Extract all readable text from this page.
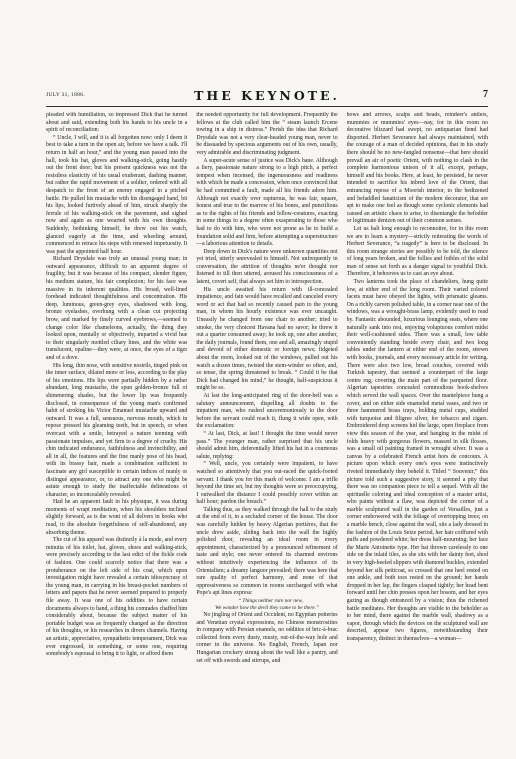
JULY 31, 1886.	THE KEYNOTE.	7

pleaded with humiliation, so impressed Dick that he turned about and said, extending both his hands to his uncle in a spirit of reconciliation:

“ Uncle, I will, and it is all forgotten now: only I deem it best to take a turn in the open air, before we have a talk. I'll return in half an hour,” and the young man passed into the hall, took his hat, gloves and walking-stick, going hastily out the front door; but his present quickness was not the resistless elasticity of his usual exuberant, dashing manner, but rather the rapid movement of a soldier, ordered with all despatch to the front of an enemy engaged in a pitched battle. He pulled his mustache with his disengaged hand, bit his lips, looked furtively ahead of him, struck sharply the ferrule of his walking-stick on the pavement, and sighed now and again as one wearied with his own thoughts. Suddenly, bethinking himself, he drew out his watch, glanced eagerly at the time, and wheeling around, commenced to retrace his steps with renewed impetuosity. It was past the appointed half hour.

Richard Drysdale was truly an unusual young man; in outward appearance, difficult to an apparent degree of fragility, but it was because of his compact, slender figure, his medium stature, his fair complexion; for his face was massive in its inherent qualities. His broad, well-lined forehead indicated thoughtfulness and concentration. His deep, luminous, green-grey eyes, shadowed with long, bronze eyelashes, overhung with a clean cut projecting brow, and marked by finely curved eyebrows,—seemed to change color like chameleons, actually, the thing they looked upon, mentally or objectively, imparted a vivid hue to their singularly mottled ciliary lines, and the white was translucent, opaline—they were, at once, the eyes of a tiger and of a dove.

His long, thin nose, with sensitive nostrils, tinged pink on the inner surface, dilated more or less, according to the play of his emotions. His lips were partially hidden by a rather abundant, long mustache, the spun golden-bronze full of shimmering shades, but the lower lip was frequently disclosed, in consequence of the young man's confirmed habit of stroking his Victor Emanuel mustache upward and outward. It was a full, sensuous, nervous mouth, which in repose pressed his gleaming teeth, but in speech, or when overcast with a smile, betrayed a nature teeming with passionate impulses, and yet firm to a degree of cruelty. His chin indicated endurance, faithfulness and invincibility, and all in all, the features and the fine manly pose of his head, with its brassy hair, made a combination sufficient to fascinate any girl susceptible to certain indices of manly or distingué appearance, or, to attract any one who might be astute enough to study the inaffectable delineations of character, so inconcealably revealed.

Had he an apparent fault in his physique, it was during moments of wrapt meditation, when his shoulders inclined slightly forward, as is the wont of all delvers in books who read, to the absolute forgetfulness of self-abandoned, any absorbing theme.

The cut of his apparel was distinctly à la mode, and every minutia of his toilet, hat, gloves, shoes and walking-stick, were precisely according to the last edict of the fickle code of fashion. One could scarcely notice that there was a protuberance on the left side of his coat, which upon investigation might have revealed a certain idiosyncrasy of the young man, in carrying in his breast-pocket numbers of letters and papers that he never seemed prepared to properly file away. It was one of his oddities to have certain documents always to hand, a thing his comrades chaffed him considerably about, because the subject matter of his portable budget was as frequently changed as the direction of his thoughts, or his researches in divers channels. Having an artistic, appreciative, sympathetic temperament, Dick was ever engrossed, in something, or some one, requiring somebody's espousal to bring it to light, or afford them

the needed opportunity for full development. Frequently the fellows at the club called him the “ steam launch Ercene towing in a ship in distress.” Perish the idea that Richard Drysdale was not a very clear-headed young man, never to be dissuaded by specious arguments out of his own, usually, very admirable and discriminating judgment.

A super-acute sense of justice was Dick's bane. Although a fiery, passionate nature strong to a high pitch, a perfect tempest when incensed, the ingenuousness and readiness with which he made a concession, when once convinced that he had committed a fault, made all his friends adore him. Although not exactly over rapturous, he was fair, square, honest and true to the marrow of his bones, and punctilious as to the rights of his friends and fellow-creatures, exacting in some things to a degree often exasperating to those who had to do with him, who were not prone as he to build a foundation solid and firm, before attempting a superstructure—a laborious attention to details.

Deep down in Dick's nature were unknown quantities not yet tried, utterly unrevealed to himself. Not unfrequently in conversation, the attrition of thoughts ne'er thought nor listened to till then uttered, aroused his consciousness of a latent, covert self, that always set him to introspection.

His uncle awaited his return with ill-concealed impatience, and fain would have recalled and canceled every word or act that had so recently caused pain to the young man, in whom his hourly existence was ever uncaught. Uneasily he changed from one chair to another; tried to smoke, the very choicest Havana had no savor; he threw it out a quarter consumed away; he took up, one after another, the daily journals, found them, one and all, amazingly stupid and devoid of either domestic or foreign news; fidgeted about the room, looked out of the windows, pulled out his watch a dozen times, twisted the stem-winder so often, and, so tense, the spring threatened to break. “ Could it be that Dick had changed his mind,” he thought, half-suspicious it might be so.

At last the long-anticipated ring of the door-bell was a salutary announcement, dispelling all doubts to the impatient man, who rushed unceremoniously to the door before the servant could reach it, flung it wide open, with the exclamation:

“ At last, Dick, at last! I thought the time would never pass.” The younger man, rather surprised that his uncle should admit him, deferentially lifted his hat in a courteous salute, replying:

“ Well, uncle, you certainly were impatient, to have watched so attentively that you out-raced the quick-footed servant. I thank you for this mark of welcome. I am a trifle beyond the time set, but my thoughts were so preoccupying, I outwalked the distance I could possibly cover within an half hour; pardon the breach.”

Talking thus, as they walked through the hall to the study at the end of it, in a secluded corner of the house. The door was carefully hidden by heavy Algerian portières, that the uncle drew aside, sliding back into the wall the highly polished door, revealing an ideal room in every appointment, characterized by a pronounced refinement of taste and style; one never entered its charmed environs without intuitively experiencing the influence of its Orientalism; a dreamy languor prevailed; there was here that rare quality of perfect harmony, and none of that oppressiveness so common in rooms surcharged with what Pope's apt lines express:

“ Things neither rare nor new,
We wonder how the devil they came to be there.”

No jingling of Orient and Occident, no Egyptian potteries and Venetian crystal expressions, no Chinese monstrosities in company with Persian enamels, no oddities of bric-à-brac collected from every dusty, musty, out-of-the-way hole and corner in the universe. No English, French, Japan nor Hungarian crockery strung about the wall like a pantry, and set off with swords and stirrups, and

bows and arrows, scalps and beads, reindeer's antlers, mummies or mummies' eyes—nay, for in this room no decorative blizzard had swept, no antiquarian fiend had disported. Herbert Severance had always maintained, with the courage of a man of decided opinions, that in his study there should be no new-fangled nonsense—that here should prevail an air of poetic Orient, with nothing to clash in the complete harmonious unison of it all, except, perhaps, himself and his books. Here, at least, he persisted, he never intended to sacrifice his inbred love of the Orient, that entrancing repose of a Moorish interior, to the bedizened and befaddled fanaticism of the modern decorator, that are apt to make one feel as though some cyclonic elements had caused an artistic chaos to arise, to disentangle the befodder or legitimate denizen out of their common senses.

Let us halt long enough to reconnoitre, for in this room we are to learn a mystery—strictly reiterating the words of Herbert Severance, “a tragedy” is here to be disclosed. In this room strange stories are possibly to be told, the silence of long years broken, and the follies and foibles of the solid man of sense set forth as a danger signal to youthful Dick. Therefore, it behooves us to cast an eye about.

Two lanterns took the place of chandeliers, hung quite low, at either end of the long room. Their varied colored facets must have obeyed the lights, with prismatic gleams. On a richly carven polished table, in a corner near one of the windows, was a wrought-brass lamp, evidently used to read by. Fantastic abounded, luxurious lounging seats, where one naturally sank into rest, enjoying voluptuous comfort midst their well-cushioned sides. There was a small, low table conveniently standing beside every chair, and two long tables under the lantern at either end of the room, strewn with books, journals, and every necessary article for writing. There were also two low, broad couches, covered with Turkish tapestry, that seemed a counterpart of the large centre rug, covering the main part of the parqueted floor. Algerian tapestries concealed commodious book-shelves which served the wall spaces. Over the mantelpiece hung a cover, and on either side enameled metal vases, and two or three hammered brass trays, holding metal cups, studded with turquoise and filigree silver, for tobacco and cigars. Embroidered drop screens hid the large, open fireplace from view this season of the year, and hanging in the midst of folds heavy with gorgeous flowers, massed in silk flosses, was a small oil painting framed in wrought silver. It was a canvas by a celebrated French artist hors de concours. A picture upon which every one's eyes were instinctively riveted immediately they beheld it. Titled “ Souvenir,” this picture told such a suggestive story, it seemed a pity that there was no companion piece to tell a sequel. With all the spirituelle coloring and ideal conception of a master artist, who paints without a flaw, was depicted the corner of a marble sculptured wall in the garden of Versailles, just a corner embowered with the foliage of overtopping trees; on a marble bench, close against the wall, sits a lady dressed in the fashion of the Louis Seize period, her hair coiffured with puffs and powdered white; her dress half-mourning; her face the Marie Antoinette type. Her hat thrown carelessly to one side on the inlaid tiles, as she sits with her dainty feet, shod in very high-heeled slippers with diamond buckles, extended beyond her silk petticoat, so crossed that one heel rested on one ankle, and both toes rested on the ground; her hands dropped in her lap, the fingers clasped tightly; her head bent forward until her chin presses upon her bosom, and her eyes gazing as though entranced by a vision; thus the richened battle meditates. Her thoughts are visible to the beholder as to her mind, there against the marble wall, shadowy as a vapor, through which the devices on the sculptured wall are descried, appear two figures, notwithstanding their transparency, distinct in themselves—a woman—
